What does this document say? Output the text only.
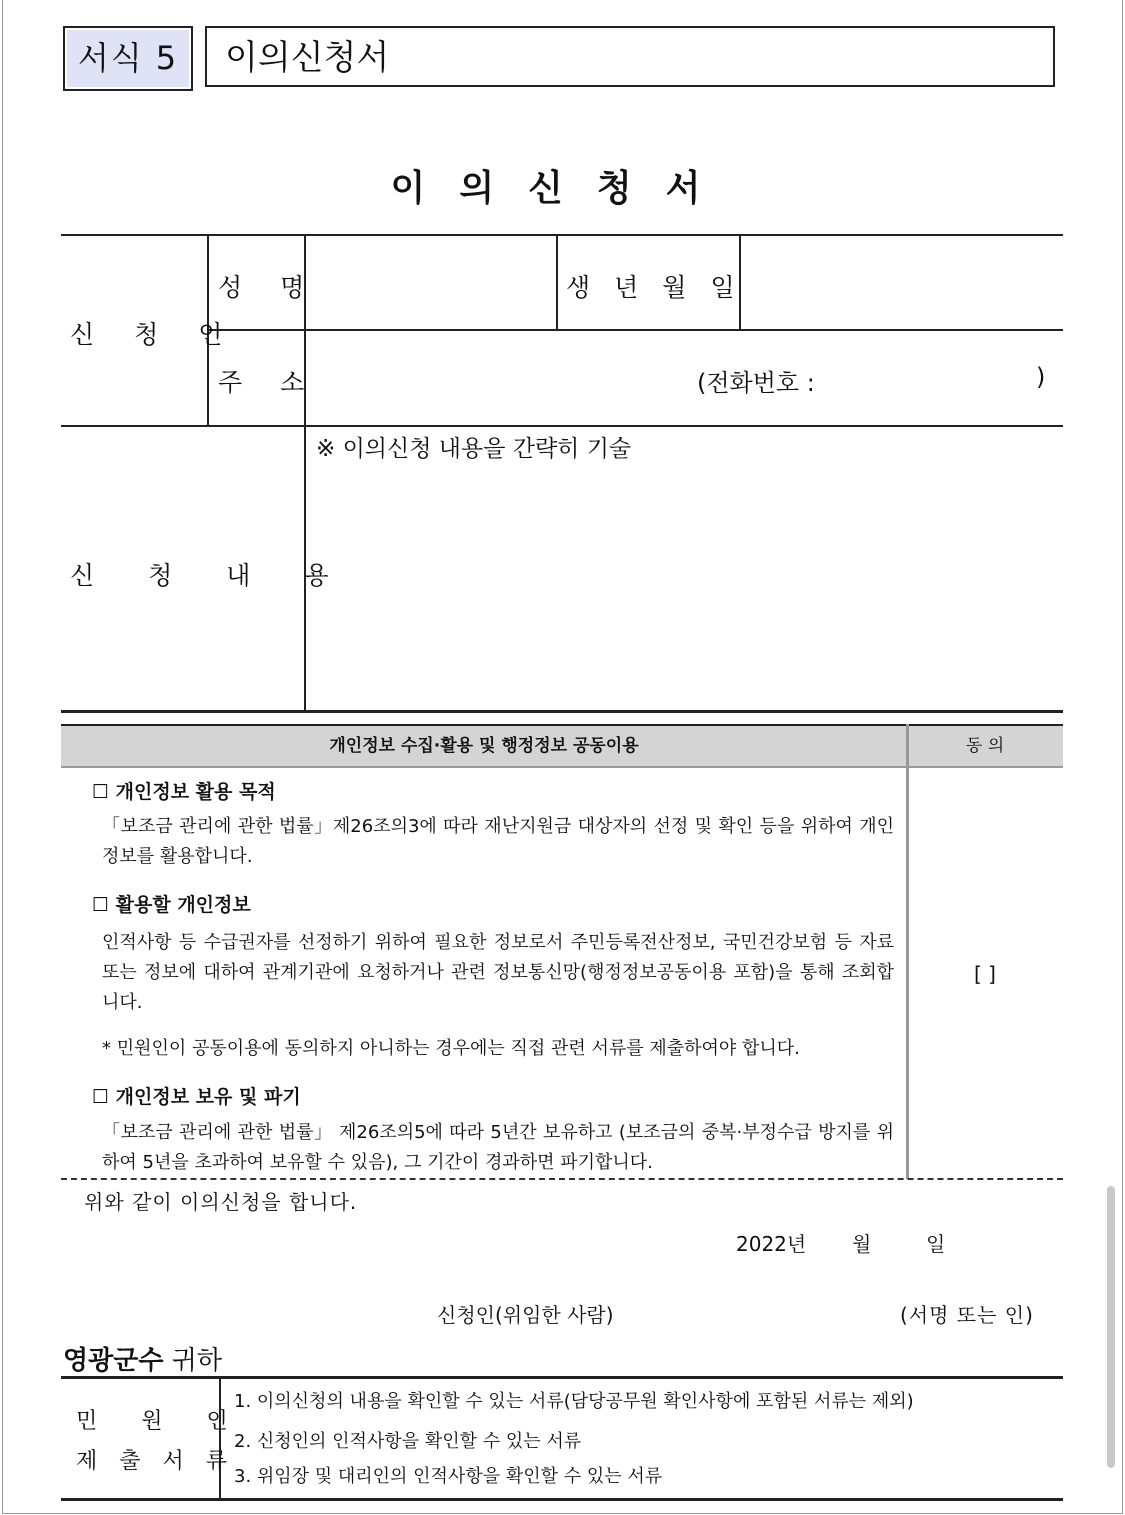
서식 5	이의신청서
이의신청서
신청인
성명	생년월일
주소	(전화번호 :	)
신청내용
※ 이의신청 내용을 간략히 기술
개인정보 수집·활용 및 행정정보 공동이용	동 의
☐ 개인정보 활용 목적
「보조금 관리에 관한 법률」제26조의3에 따라 재난지원금 대상자의 선정 및 확인 등을 위하여 개인정보를 활용합니다.
☐ 활용할 개인정보
인적사항 등 수급권자를 선정하기 위하여 필요한 정보로서 주민등록전산정보, 국민건강보험 등 자료 또는 정보에 대하여 관계기관에 요청하거나 관련 정보통신망(행정정보공동이용 포함)을 통해 조회합니다.
* 민원인이 공동이용에 동의하지 아니하는 경우에는 직접 관련 서류를 제출하여야 합니다.
☐ 개인정보 보유 및 파기
「보조금 관리에 관한 법률」 제26조의5에 따라 5년간 보유하고 (보조금의 중복·부정수급 방지를 위하여 5년을 초과하여 보유할 수 있음), 그 기간이 경과하면 파기합니다.
[ ]
위와 같이 이의신청을 합니다.
2022년 월	일
신청인(위임한 사람)	(서명 또는 인)
영광군수 귀하
민원인
제출서류
1. 이의신청의 내용을 확인할 수 있는 서류(담당공무원 확인사항에 포함된 서류는 제외)
2. 신청인의 인적사항을 확인할 수 있는 서류
3. 위임장 및 대리인의 인적사항을 확인할 수 있는 서류
